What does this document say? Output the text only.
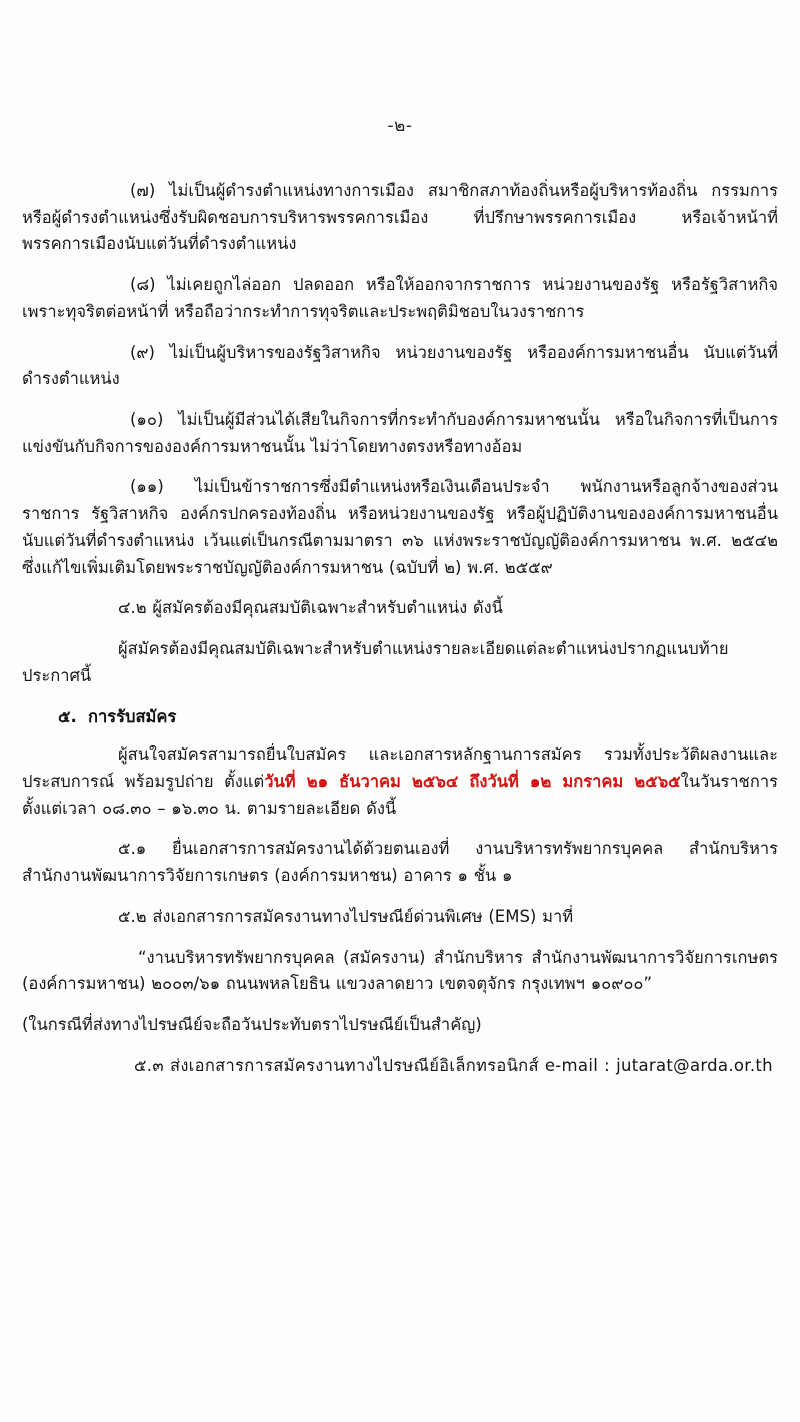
-๒-

(๗) ไม่เป็นผู้ดำรงตำแหน่งทางการเมือง สมาชิกสภาท้องถิ่นหรือผู้บริหารท้องถิ่น กรรมการหรือผู้ดำรงตำแหน่งซึ่งรับผิดชอบการบริหารพรรคการเมือง ที่ปรึกษาพรรคการเมือง หรือเจ้าหน้าที่พรรคการเมืองนับแต่วันที่ดำรงตำแหน่ง

(๘) ไม่เคยถูกไล่ออก ปลดออก หรือให้ออกจากราชการ หน่วยงานของรัฐ หรือรัฐวิสาหกิจ เพราะทุจริตต่อหน้าที่ หรือถือว่ากระทำการทุจริตและประพฤติมิชอบในวงราชการ

(๙) ไม่เป็นผู้บริหารของรัฐวิสาหกิจ หน่วยงานของรัฐ หรือองค์การมหาชนอื่น นับแต่วันที่ดำรงตำแหน่ง

(๑๐) ไม่เป็นผู้มีส่วนได้เสียในกิจการที่กระทำกับองค์การมหาชนนั้น หรือในกิจการที่เป็นการแข่งขันกับกิจการขององค์การมหาชนนั้น ไม่ว่าโดยทางตรงหรือทางอ้อม

(๑๑) ไม่เป็นข้าราชการซึ่งมีตำแหน่งหรือเงินเดือนประจำ พนักงานหรือลูกจ้างของส่วนราชการ รัฐวิสาหกิจ องค์กรปกครองท้องถิ่น หรือหน่วยงานของรัฐ หรือผู้ปฏิบัติงานขององค์การมหาชนอื่น นับแต่วันที่ดำรงตำแหน่ง เว้นแต่เป็นกรณีตามมาตรา ๓๖ แห่งพระราชบัญญัติองค์การมหาชน พ.ศ. ๒๕๔๒ ซึ่งแก้ไขเพิ่มเติมโดยพระราชบัญญัติองค์การมหาชน (ฉบับที่ ๒) พ.ศ. ๒๕๕๙

๔.๒ ผู้สมัครต้องมีคุณสมบัติเฉพาะสำหรับตำแหน่ง ดังนี้

ผู้สมัครต้องมีคุณสมบัติเฉพาะสำหรับตำแหน่งรายละเอียดแต่ละตำแหน่งปรากฏแนบท้ายประกาศนี้

๕. การรับสมัคร

ผู้สนใจสมัครสามารถยื่นใบสมัคร และเอกสารหลักฐานการสมัคร รวมทั้งประวัติผลงานและประสบการณ์ พร้อมรูปถ่าย ตั้งแต่วันที่ ๒๑ ธันวาคม ๒๕๖๔ ถึงวันที่ ๑๒ มกราคม ๒๕๖๕ในวันราชการ ตั้งแต่เวลา ๐๘.๓๐ – ๑๖.๓๐ น. ตามรายละเอียด ดังนี้

๕.๑ ยื่นเอกสารการสมัครงานได้ด้วยตนเองที่ งานบริหารทรัพยากรบุคคล สำนักบริหาร สำนักงานพัฒนาการวิจัยการเกษตร (องค์การมหาชน) อาคาร ๑ ชั้น ๑

๕.๒ ส่งเอกสารการสมัครงานทางไปรษณีย์ด่วนพิเศษ (EMS) มาที่

“งานบริหารทรัพยากรบุคคล (สมัครงาน) สำนักบริหาร สำนักงานพัฒนาการวิจัยการเกษตร (องค์การมหาชน) ๒๐๐๓/๖๑ ถนนพหลโยธิน แขวงลาดยาว เขตจตุจักร กรุงเทพฯ ๑๐๙๐๐”

(ในกรณีที่ส่งทางไปรษณีย์จะถือวันประทับตราไปรษณีย์เป็นสำคัญ)

๕.๓ ส่งเอกสารการสมัครงานทางไปรษณีย์อิเล็กทรอนิกส์ e-mail : jutarat@arda.or.th
